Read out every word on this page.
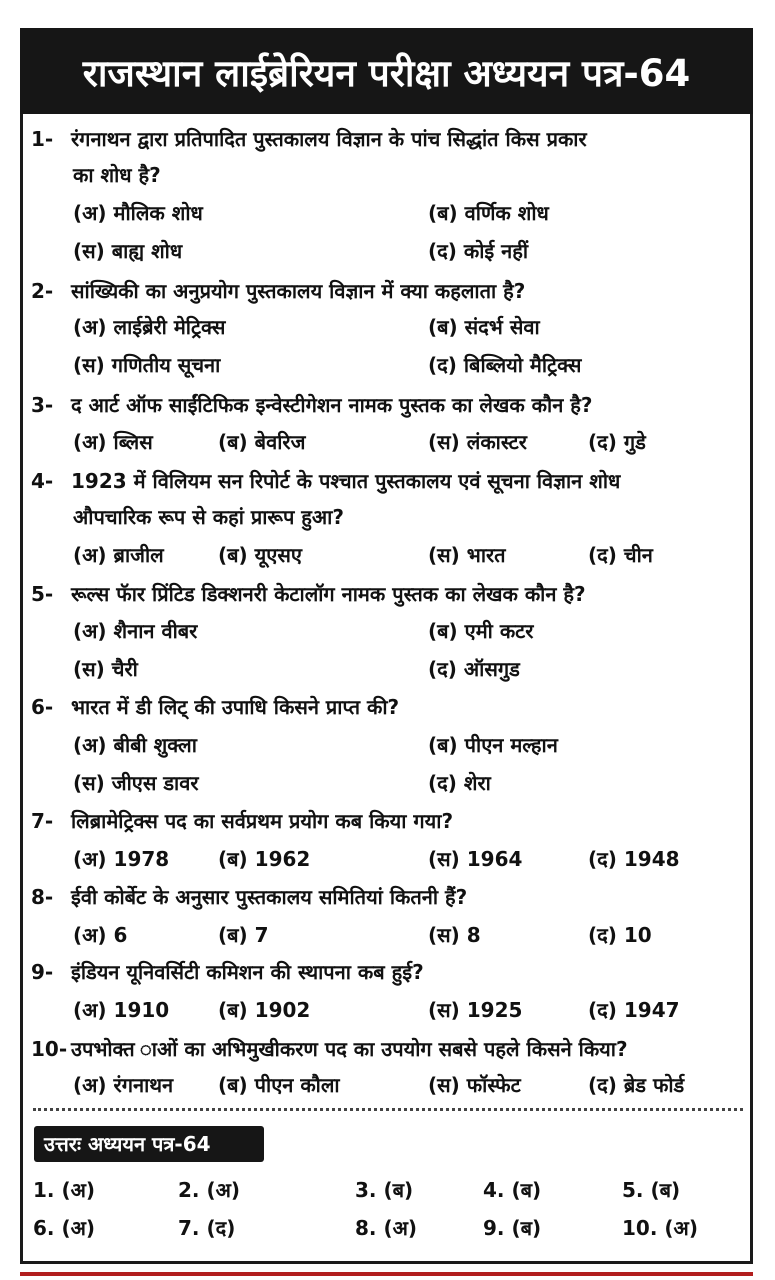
राजस्थान लाईब्रेरियन परीक्षा अध्ययन पत्र-64
1- रंगनाथन द्वारा प्रतिपादित पुस्तकालय विज्ञान के पांच सिद्धांत किस प्रकार
का शोध है?
(अ) मौलिक शोध	(ब) वर्णिक शोध
(स) बाह्य शोध	(द) कोई नहीं
2- सांख्यिकी का अनुप्रयोग पुस्तकालय विज्ञान में क्या कहलाता है?
(अ) लाईब्रेरी मेट्रिक्स	(ब) संदर्भ सेवा
(स) गणितीय सूचना	(द) बिब्लियो मैट्रिक्स
3- द आर्ट ऑफ साईंटिफिक इन्वेस्टीगेशन नामक पुस्तक का लेखक कौन है?
(अ) ब्लिस	(ब) बेवरिज	(स) लंकास्टर	(द) गुडे
4- 1923 में विलियम सन रिपोर्ट के पश्चात पुस्तकालय एवं सूचना विज्ञान शोध
औपचारिक रूप से कहां प्रारूप हुआ?
(अ) ब्राजील	(ब) यूएसए	(स) भारत	(द) चीन
5- रूल्स फॅार प्रिंटिड डिक्शनरी केटालॉग नामक पुस्तक का लेखक कौन है?
(अ) शैनान वीबर	(ब) एमी कटर
(स) चैरी	(द) ऑसगुड
6- भारत में डी लिट् की उपाधि किसने प्राप्त की?
(अ) बीबी शुक्ला	(ब) पीएन मल्हान
(स) जीएस डावर	(द) शेरा
7- लिब्रामेट्रिक्स पद का सर्वप्रथम प्रयोग कब किया गया?
(अ) 1978 (ब) 1962	(स) 1964	(द) 1948
8- ईवी कोर्बेट के अनुसार पुस्तकालय समितियां कितनी हैं?
(अ) 6	(ब) 7	(स) 8	(द) 10
9- इंडियन यूनिवर्सिटी कमिशन की स्थापना कब हुई?
(अ) 1910 (ब) 1902	(स) 1925	(द) 1947
10- उपभोक्त ाओं का अभिमुखीकरण पद का उपयोग सबसे पहले किसने किया?
(अ) रंगनाथन (ब) पीएन कौला	(स) फॉस्फेट	(द) ब्रेड फोर्ड
उत्तरः अध्ययन पत्र-64
1. (अ)	2. (अ)	3. (ब)	4. (ब)	5. (ब)
6. (अ)	7. (द)	8. (अ)	9. (ब)	10. (अ)
